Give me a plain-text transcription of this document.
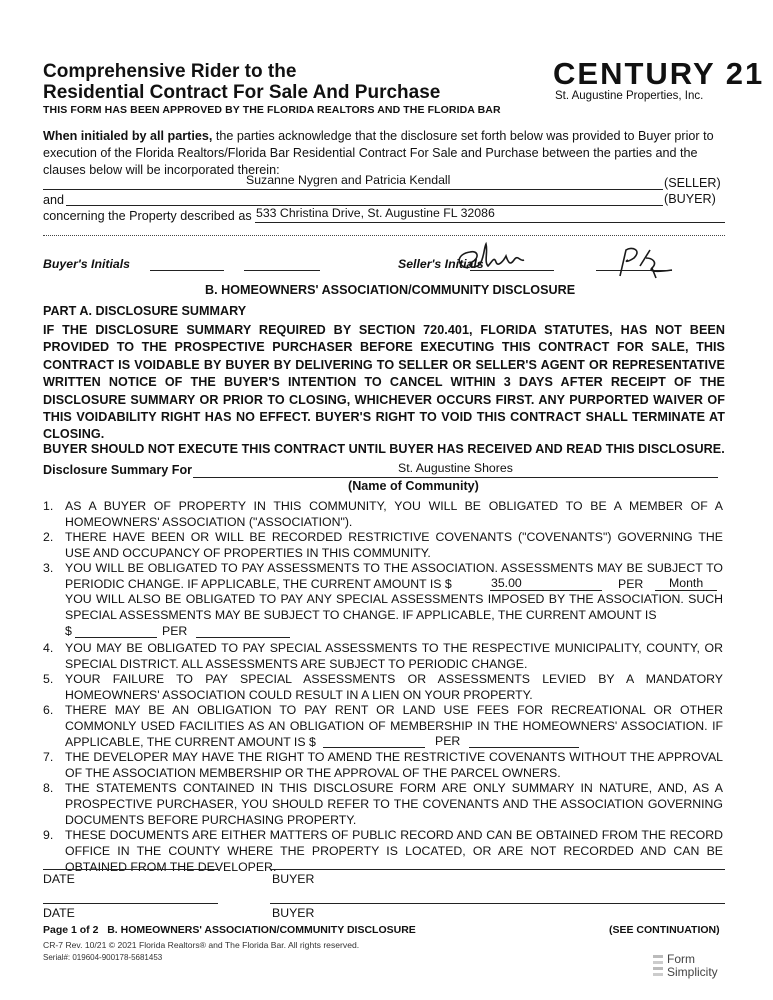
Comprehensive Rider to the
Residential Contract For Sale And Purchase
THIS FORM HAS BEEN APPROVED BY THE FLORIDA REALTORS AND THE FLORIDA BAR
CENTURY 21
St. Augustine Properties, Inc.
When initialed by all parties, the parties acknowledge that the disclosure set forth below was provided to Buyer prior to execution of the Florida Realtors/Florida Bar Residential Contract For Sale and Purchase between the parties and the clauses below will be incorporated therein:
Suzanne Nygren and Patricia Kendall	(SELLER)
and	(BUYER)
concerning the Property described as 533 Christina Drive, St. Augustine FL 32086
Buyer's Initials	Seller's Initials
B. HOMEOWNERS' ASSOCIATION/COMMUNITY DISCLOSURE
PART A. DISCLOSURE SUMMARY
IF THE DISCLOSURE SUMMARY REQUIRED BY SECTION 720.401, FLORIDA STATUTES, HAS NOT BEEN PROVIDED TO THE PROSPECTIVE PURCHASER BEFORE EXECUTING THIS CONTRACT FOR SALE, THIS CONTRACT IS VOIDABLE BY BUYER BY DELIVERING TO SELLER OR SELLER'S AGENT OR REPRESENTATIVE WRITTEN NOTICE OF THE BUYER'S INTENTION TO CANCEL WITHIN 3 DAYS AFTER RECEIPT OF THE DISCLOSURE SUMMARY OR PRIOR TO CLOSING, WHICHEVER OCCURS FIRST. ANY PURPORTED WAIVER OF THIS VOIDABILITY RIGHT HAS NO EFFECT. BUYER'S RIGHT TO VOID THIS CONTRACT SHALL TERMINATE AT CLOSING.
BUYER SHOULD NOT EXECUTE THIS CONTRACT UNTIL BUYER HAS RECEIVED AND READ THIS DISCLOSURE.
Disclosure Summary For	St. Augustine Shores
(Name of Community)
1. AS A BUYER OF PROPERTY IN THIS COMMUNITY, YOU WILL BE OBLIGATED TO BE A MEMBER OF A HOMEOWNERS' ASSOCIATION ("ASSOCIATION").
2. THERE HAVE BEEN OR WILL BE RECORDED RESTRICTIVE COVENANTS ("COVENANTS") GOVERNING THE USE AND OCCUPANCY OF PROPERTIES IN THIS COMMUNITY.
3. YOU WILL BE OBLIGATED TO PAY ASSESSMENTS TO THE ASSOCIATION. ASSESSMENTS MAY BE SUBJECT TO PERIODIC CHANGE. IF APPLICABLE, THE CURRENT AMOUNT IS $	35.00	PER Month
YOU WILL ALSO BE OBLIGATED TO PAY ANY SPECIAL ASSESSMENTS IMPOSED BY THE ASSOCIATION. SUCH SPECIAL ASSESSMENTS MAY BE SUBJECT TO CHANGE. IF APPLICABLE, THE CURRENT AMOUNT IS
$	PER
4. YOU MAY BE OBLIGATED TO PAY SPECIAL ASSESSMENTS TO THE RESPECTIVE MUNICIPALITY, COUNTY, OR SPECIAL DISTRICT. ALL ASSESSMENTS ARE SUBJECT TO PERIODIC CHANGE.
5. YOUR FAILURE TO PAY SPECIAL ASSESSMENTS OR ASSESSMENTS LEVIED BY A MANDATORY HOMEOWNERS' ASSOCIATION COULD RESULT IN A LIEN ON YOUR PROPERTY.
6. THERE MAY BE AN OBLIGATION TO PAY RENT OR LAND USE FEES FOR RECREATIONAL OR OTHER COMMONLY USED FACILITIES AS AN OBLIGATION OF MEMBERSHIP IN THE HOMEOWNERS' ASSOCIATION. IF APPLICABLE, THE CURRENT AMOUNT IS $	PER
7. THE DEVELOPER MAY HAVE THE RIGHT TO AMEND THE RESTRICTIVE COVENANTS WITHOUT THE APPROVAL OF THE ASSOCIATION MEMBERSHIP OR THE APPROVAL OF THE PARCEL OWNERS.
8. THE STATEMENTS CONTAINED IN THIS DISCLOSURE FORM ARE ONLY SUMMARY IN NATURE, AND, AS A PROSPECTIVE PURCHASER, YOU SHOULD REFER TO THE COVENANTS AND THE ASSOCIATION GOVERNING DOCUMENTS BEFORE PURCHASING PROPERTY.
9. THESE DOCUMENTS ARE EITHER MATTERS OF PUBLIC RECORD AND CAN BE OBTAINED FROM THE RECORD OFFICE IN THE COUNTY WHERE THE PROPERTY IS LOCATED, OR ARE NOT RECORDED AND CAN BE OBTAINED FROM THE DEVELOPER.
DATE	BUYER
DATE	BUYER
Page 1 of 2 B. HOMEOWNERS' ASSOCIATION/COMMUNITY DISCLOSURE	(SEE CONTINUATION)
CR-7 Rev. 10/21 © 2021 Florida Realtors® and The Florida Bar. All rights reserved.
Serial#: 019604-900178-5681453	Form
Simplicity
